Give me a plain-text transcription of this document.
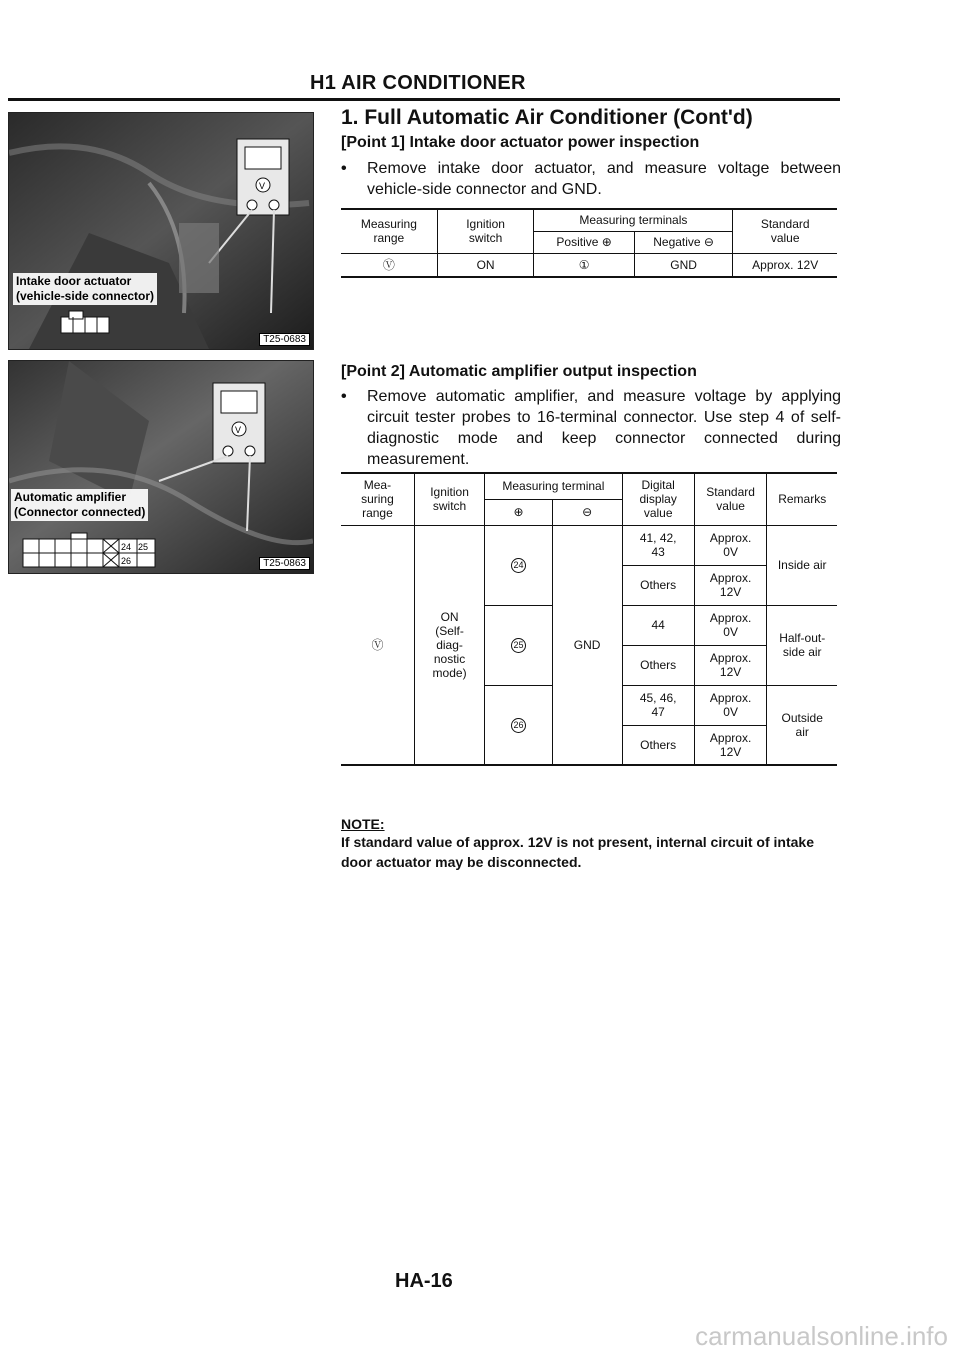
H1 AIR CONDITIONER
1. Full Automatic Air Conditioner (Cont'd)
V
Intake door actuator
(vehicle-side connector)
T25-0683
V
24 25
26
Automatic amplifier
(Connector connected)
T25-0863
[Point 1] Intake door actuator power inspection
• Remove intake door actuator, and measure voltage between vehicle-side connector and GND.
Measuring range	Ignition switch	Measuring terminals		Standard value

		Positive ⊕	Negative ⊖	
Ⓥ	ON	①	GND	Approx. 12V
[Point 2] Automatic amplifier output inspection
• Remove automatic amplifier, and measure voltage by applying circuit tester probes to 16-terminal connector. Use step 4 of self-diagnostic mode and keep connector connected during measurement.
Mea- suring range	Ignition switch	Measuring terminal		Digital display value	Standard value	Remarks
		⊕	⊖			
Ⓥ	ON (Self- diag- nostic mode)	24	GND	41, 42, 43	Approx. 0V	Inside air

				Others	Approx. 12V	

		25		44	Approx. 0V	Half-out- side air

				Others	Approx. 12V	

		26		45, 46, 47	Approx. 0V	Outside air

				Others	Approx. 12V	
NOTE:
If standard value of approx. 12V is not present, internal circuit of intake door actuator may be disconnected.
HA-16
carmanualsonline.info
